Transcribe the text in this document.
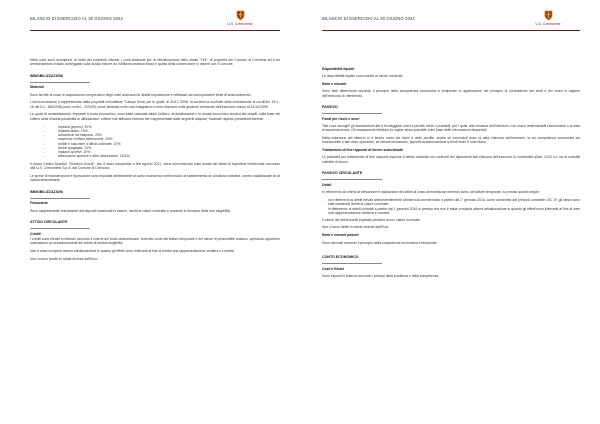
BILANCIO DI ESERCIZIO AL 30 GIUGNO 2022
U.S. Cremonese

Nella voce sono ricompresi, al netto dei contributi ottenuti, i costi sostenuti per la ristrutturazione dello stadio "Zini", di proprietà del Comune di Cremona ed il cui ammortamento è stato conteggiato sulla durata minore tra l'utilità economica futura e quella della convenzione in essere con il Comune.

IMMOBILIZZAZIONI
Materiali

Sono iscritte al costo di acquisizione comprensivo degli oneri accessori di diretta imputazione e rettificate dai corrispondenti fondi di ammortamento.

L'unica eccezione è rappresentata dalla proprietà immobiliare "Campo Soldi, per le quale, al 31/12 /2008, la società ha usufruito della rivalutazione di cui all'art. 15 c., 16 del D.L. 185/2008 (conv. nella L. 2/2009), come illustrato nella nota integrativa e nella relazione sulla gestione al bilancio dell'esercizio chiuso al 31/12/2008.

Le quote di ammortamento, imputate a conto economico, sono state calcolate attesi l'utilizzo, la destinazione e la durata economico-tecnica dei cespiti, sulla base del criterio della residua possibilità di utilizzazione, criterio che abbiamo ritenuto ben rappresentato dalle seguenti aliquote, invariate rispetto precedenti esercizi:

- impianti generici: 20%;
- impianti audio: 19%;
- autoveicoli da trasporto: 20%;
- macchine d'ufficio elettroniche: 20%;
- mobili e macchine d'ufficio ordinarie: 12%;
- Arredi spogliatoi: 12%;
- impianti sportivi: 10%;
- attrezzature sportive e altre attrezzature: 15,5%;

Il nuovo Centro Sportivo "Giovanni Arvedi", che è stato completato a fine agosto 2011, viene ammortizzato sulla durata del diritto di superficie trentennale concesso alla U.S. Cremonese S.p.A. dal Comune di Cremona.

Le spese di manutenzione e riparazione sono imputate direttamente al conto economico nell'esercizio di sostenimento se di natura ordinaria, ovvero capitalizzate se di natura straordinaria.

IMMOBILIZZAZIONI
Finanziarie

Sono rappresentate unicamente dai depositi cauzionali in essere, iscritti al valore nominale e suddivisi in funzione della loro esigibilità.

ATTIVO CIRCOLANTE
Crediti

I crediti sono rilevati in bilancio secondo il criterio del costo ammortizzato, tenendo conto del fattore temporale e del valore di presumibile realizzo, operando opportune svalutazioni od accantonamenti dei crediti di dubbia esigibilità.

Non è stata compiuta alcuna attualizzazione in quanto gli effetti sono irrilevanti al fine di fornire una rappresentazione veritiera e corretta.

Non vi sono crediti in valute diverse dall'Euro

BILANCIO DI ESERCIZIO AL 30 GIUGNO 2022
U.S. Cremonese
Disponibilità liquide

Le disponibilità liquide sono iscritte al valore nominale.

Ratei e risconti

Sono stati determinati secondo il principio della competenza economica e temporale in applicazione del principio di correlazione dei costi e dei ricavi in ragione dell'esercizio di riferimento.

PASSIVO
Fondi per rischi e oneri

Tale voce accoglie gli stanziamenti atti a fronteggiare oneri e perdite certe o probabili, per i quali, alla chiusura dell'esercizio, non erano determinabili l'ammontare o la data di sopravvenienza. Gli stanziamenti riflettono la miglior stima possibile sulla base delle informazioni disponibili.

Nella redazione del bilancio si è tenuto conto dei rischi e delle perdite, anche se conosciuti dopo la data chiusura dell'esercizio, la cui competenza economica sia riconducibile a tale data, operando, se ritenuti necessario, appositi accantonamenti a fondi rischi e oneri futuri.

Trattamento di fine rapporto di lavoro subordinato

Le passività per trattamento di fine rapporto esprime il debito maturato nei confronti dei dipendenti alla chiusura dell'esercizio in conformità all'art. 2120 c.c. ed ai contratti collettivi di lavoro.

PASSIVO CIRCOLANTE
Debiti

In riferimento al criterio di rilevazione e valutazione dei debiti al costo ammortizzato tenendo conto del fattore temporale, si precisa quanto segue:

- non riferimenti ai debiti rilevati antecedentemente all'esercizio avente inizio a partire dal 1° gennaio 2016, come consentito dal principio contabile OIC 19, gli stessi sono stati mantenuti iscritti al valore nominale;
- in riferimento ai debiti contratti a partire dal 1 gennaio 2016 si precisa che non è stata compiuta alcuna attualizzazione in quanto gli effetti sono irrilevanti al fine di dare una rappresentazione veritiera e corretta.

Il valore dei debiti iscritti equivale pertanto al loro valore nominale.

Non vi sono debiti in valute diverse dall'Euro.

Ratei e risconti passivi

Sono calcolati secondo il principio della competenza economica e temporale.

CONTO ECONOMICO
Costi e Ricavi

Sono esposti in bilancio secondo i principi della prudenza e della competenza.
